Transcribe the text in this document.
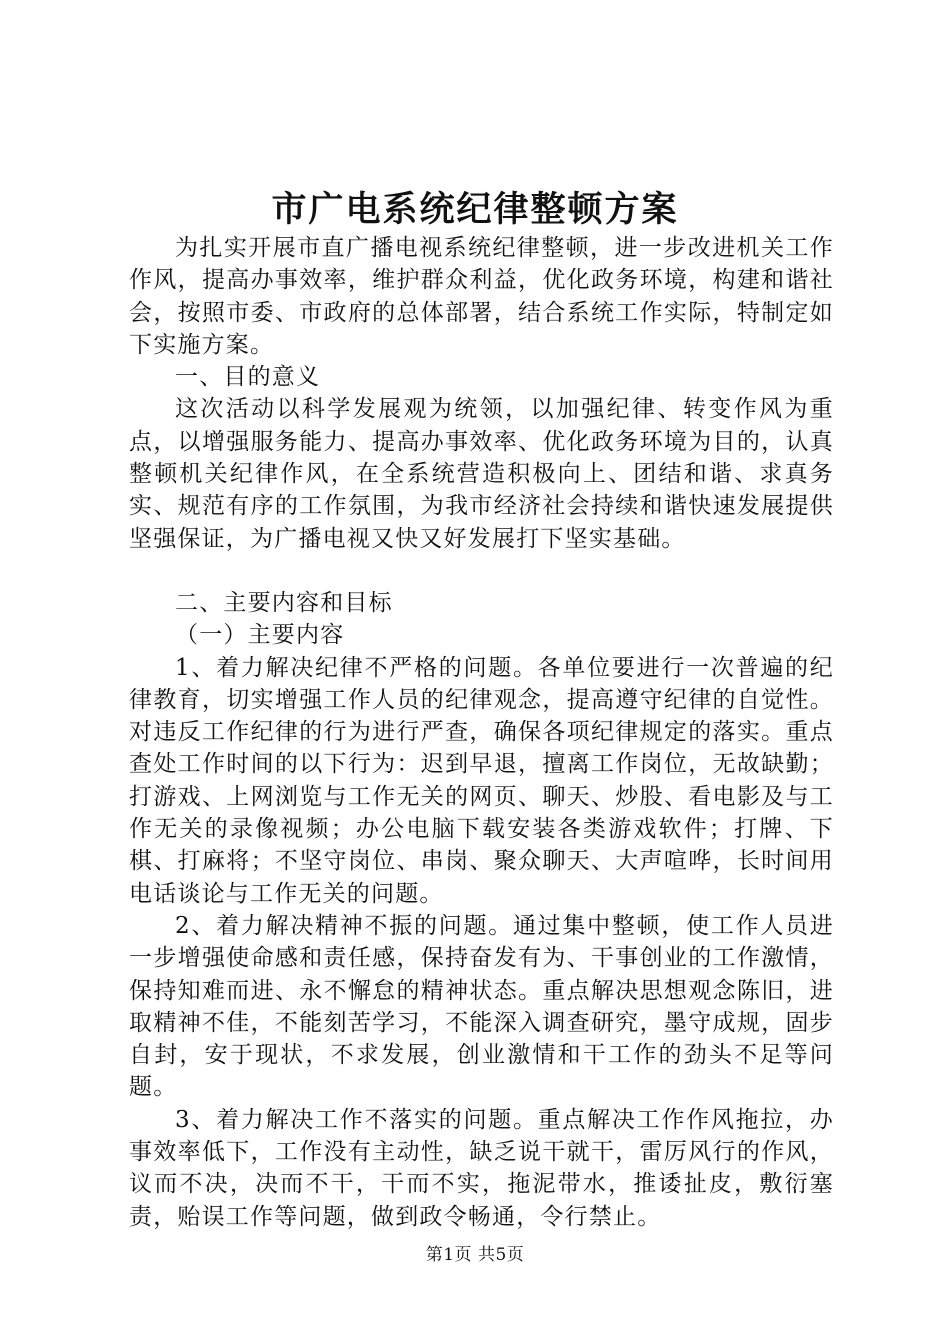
市广电系统纪律整顿方案

为扎实开展市直广播电视系统纪律整顿，进一步改进机关工作作风，提高办事效率，维护群众利益，优化政务环境，构建和谐社会，按照市委、市政府的总体部署，结合系统工作实际，特制定如下实施方案。

一、目的意义

这次活动以科学发展观为统领，以加强纪律、转变作风为重点，以增强服务能力、提高办事效率、优化政务环境为目的，认真整顿机关纪律作风，在全系统营造积极向上、团结和谐、求真务实、规范有序的工作氛围，为我市经济社会持续和谐快速发展提供坚强保证，为广播电视又快又好发展打下坚实基础。

二、主要内容和目标

（一）主要内容

1、着力解决纪律不严格的问题。各单位要进行一次普遍的纪律教育，切实增强工作人员的纪律观念，提高遵守纪律的自觉性。对违反工作纪律的行为进行严查，确保各项纪律规定的落实。重点查处工作时间的以下行为：迟到早退，擅离工作岗位，无故缺勤；打游戏、上网浏览与工作无关的网页、聊天、炒股、看电影及与工作无关的录像视频；办公电脑下载安装各类游戏软件；打牌、下棋、打麻将；不坚守岗位、串岗、聚众聊天、大声喧哗，长时间用电话谈论与工作无关的问题。

2、着力解决精神不振的问题。通过集中整顿，使工作人员进一步增强使命感和责任感，保持奋发有为、干事创业的工作激情，保持知难而进、永不懈怠的精神状态。重点解决思想观念陈旧，进取精神不佳，不能刻苦学习，不能深入调查研究，墨守成规，固步自封，安于现状，不求发展，创业激情和干工作的劲头不足等问题。

3、着力解决工作不落实的问题。重点解决工作作风拖拉，办事效率低下，工作没有主动性，缺乏说干就干，雷厉风行的作风，议而不决，决而不干，干而不实，拖泥带水，推诿扯皮，敷衍塞责，贻误工作等问题，做到政令畅通，令行禁止。

第1页 共5页
